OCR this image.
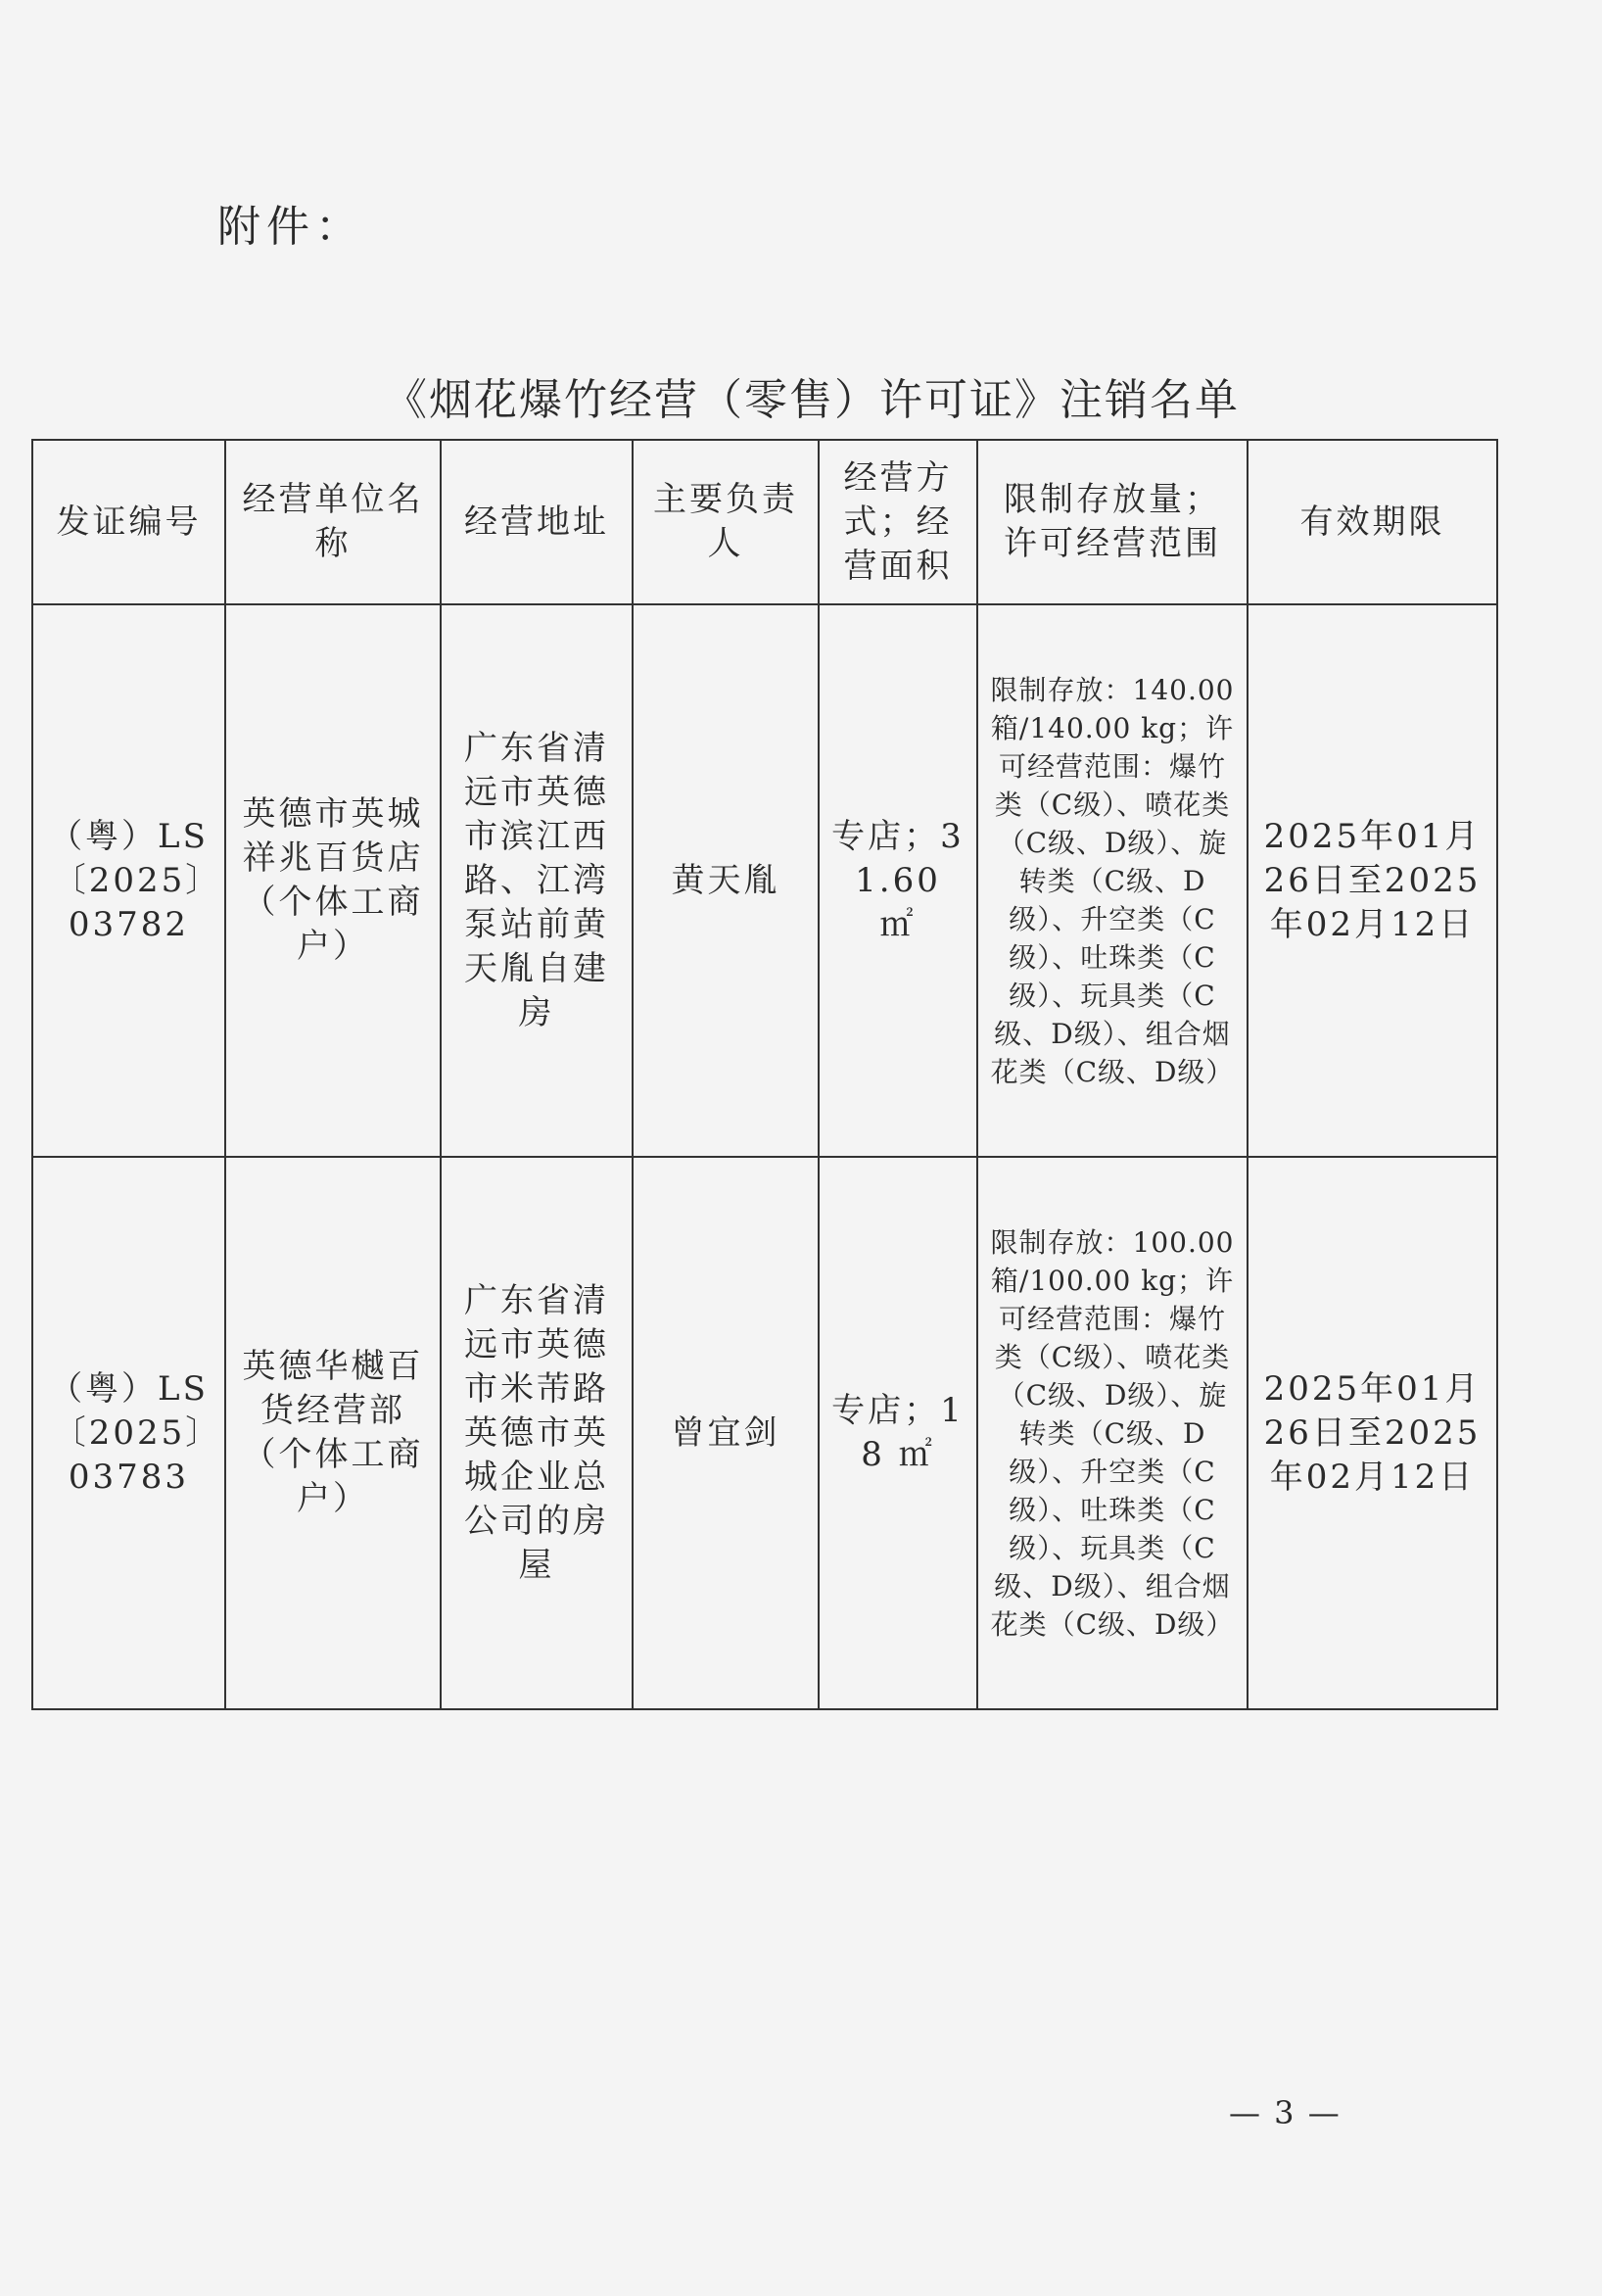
附件：
《烟花爆竹经营（零售）许可证》注销名单
发证编号	经营单位名称	经营地址	主要负责人	经营方式；经营面积	限制存放量；许可经营范围	有效期限
（粤）LS〔2025〕03782	英德市英城祥兆百货店（个体工商户）	广东省清远市英德市滨江西路、江湾泵站前黄天胤自建房	黄天胤	专店；31.60 ㎡	限制存放：140.00 箱/140.00 kg；许可经营范围：爆竹类（C级）、喷花类（C级、D级）、旋转类（C级、D级）、升空类（C级）、吐珠类（C级）、玩具类（C级、D级）、组合烟花类（C级、D级）	2025年01月26日至2025年02月12日
（粤）LS〔2025〕03783	英德华樾百货经营部（个体工商户）	广东省清远市英德市米芾路英德市英城企业总公司的房屋	曾宜剑	专店；18 ㎡	限制存放：100.00 箱/100.00 kg；许可经营范围：爆竹类（C级）、喷花类（C级、D级）、旋转类（C级、D级）、升空类（C级）、吐珠类（C级）、玩具类（C级、D级）、组合烟花类（C级、D级）	2025年01月26日至2025年02月12日
— 3 —
